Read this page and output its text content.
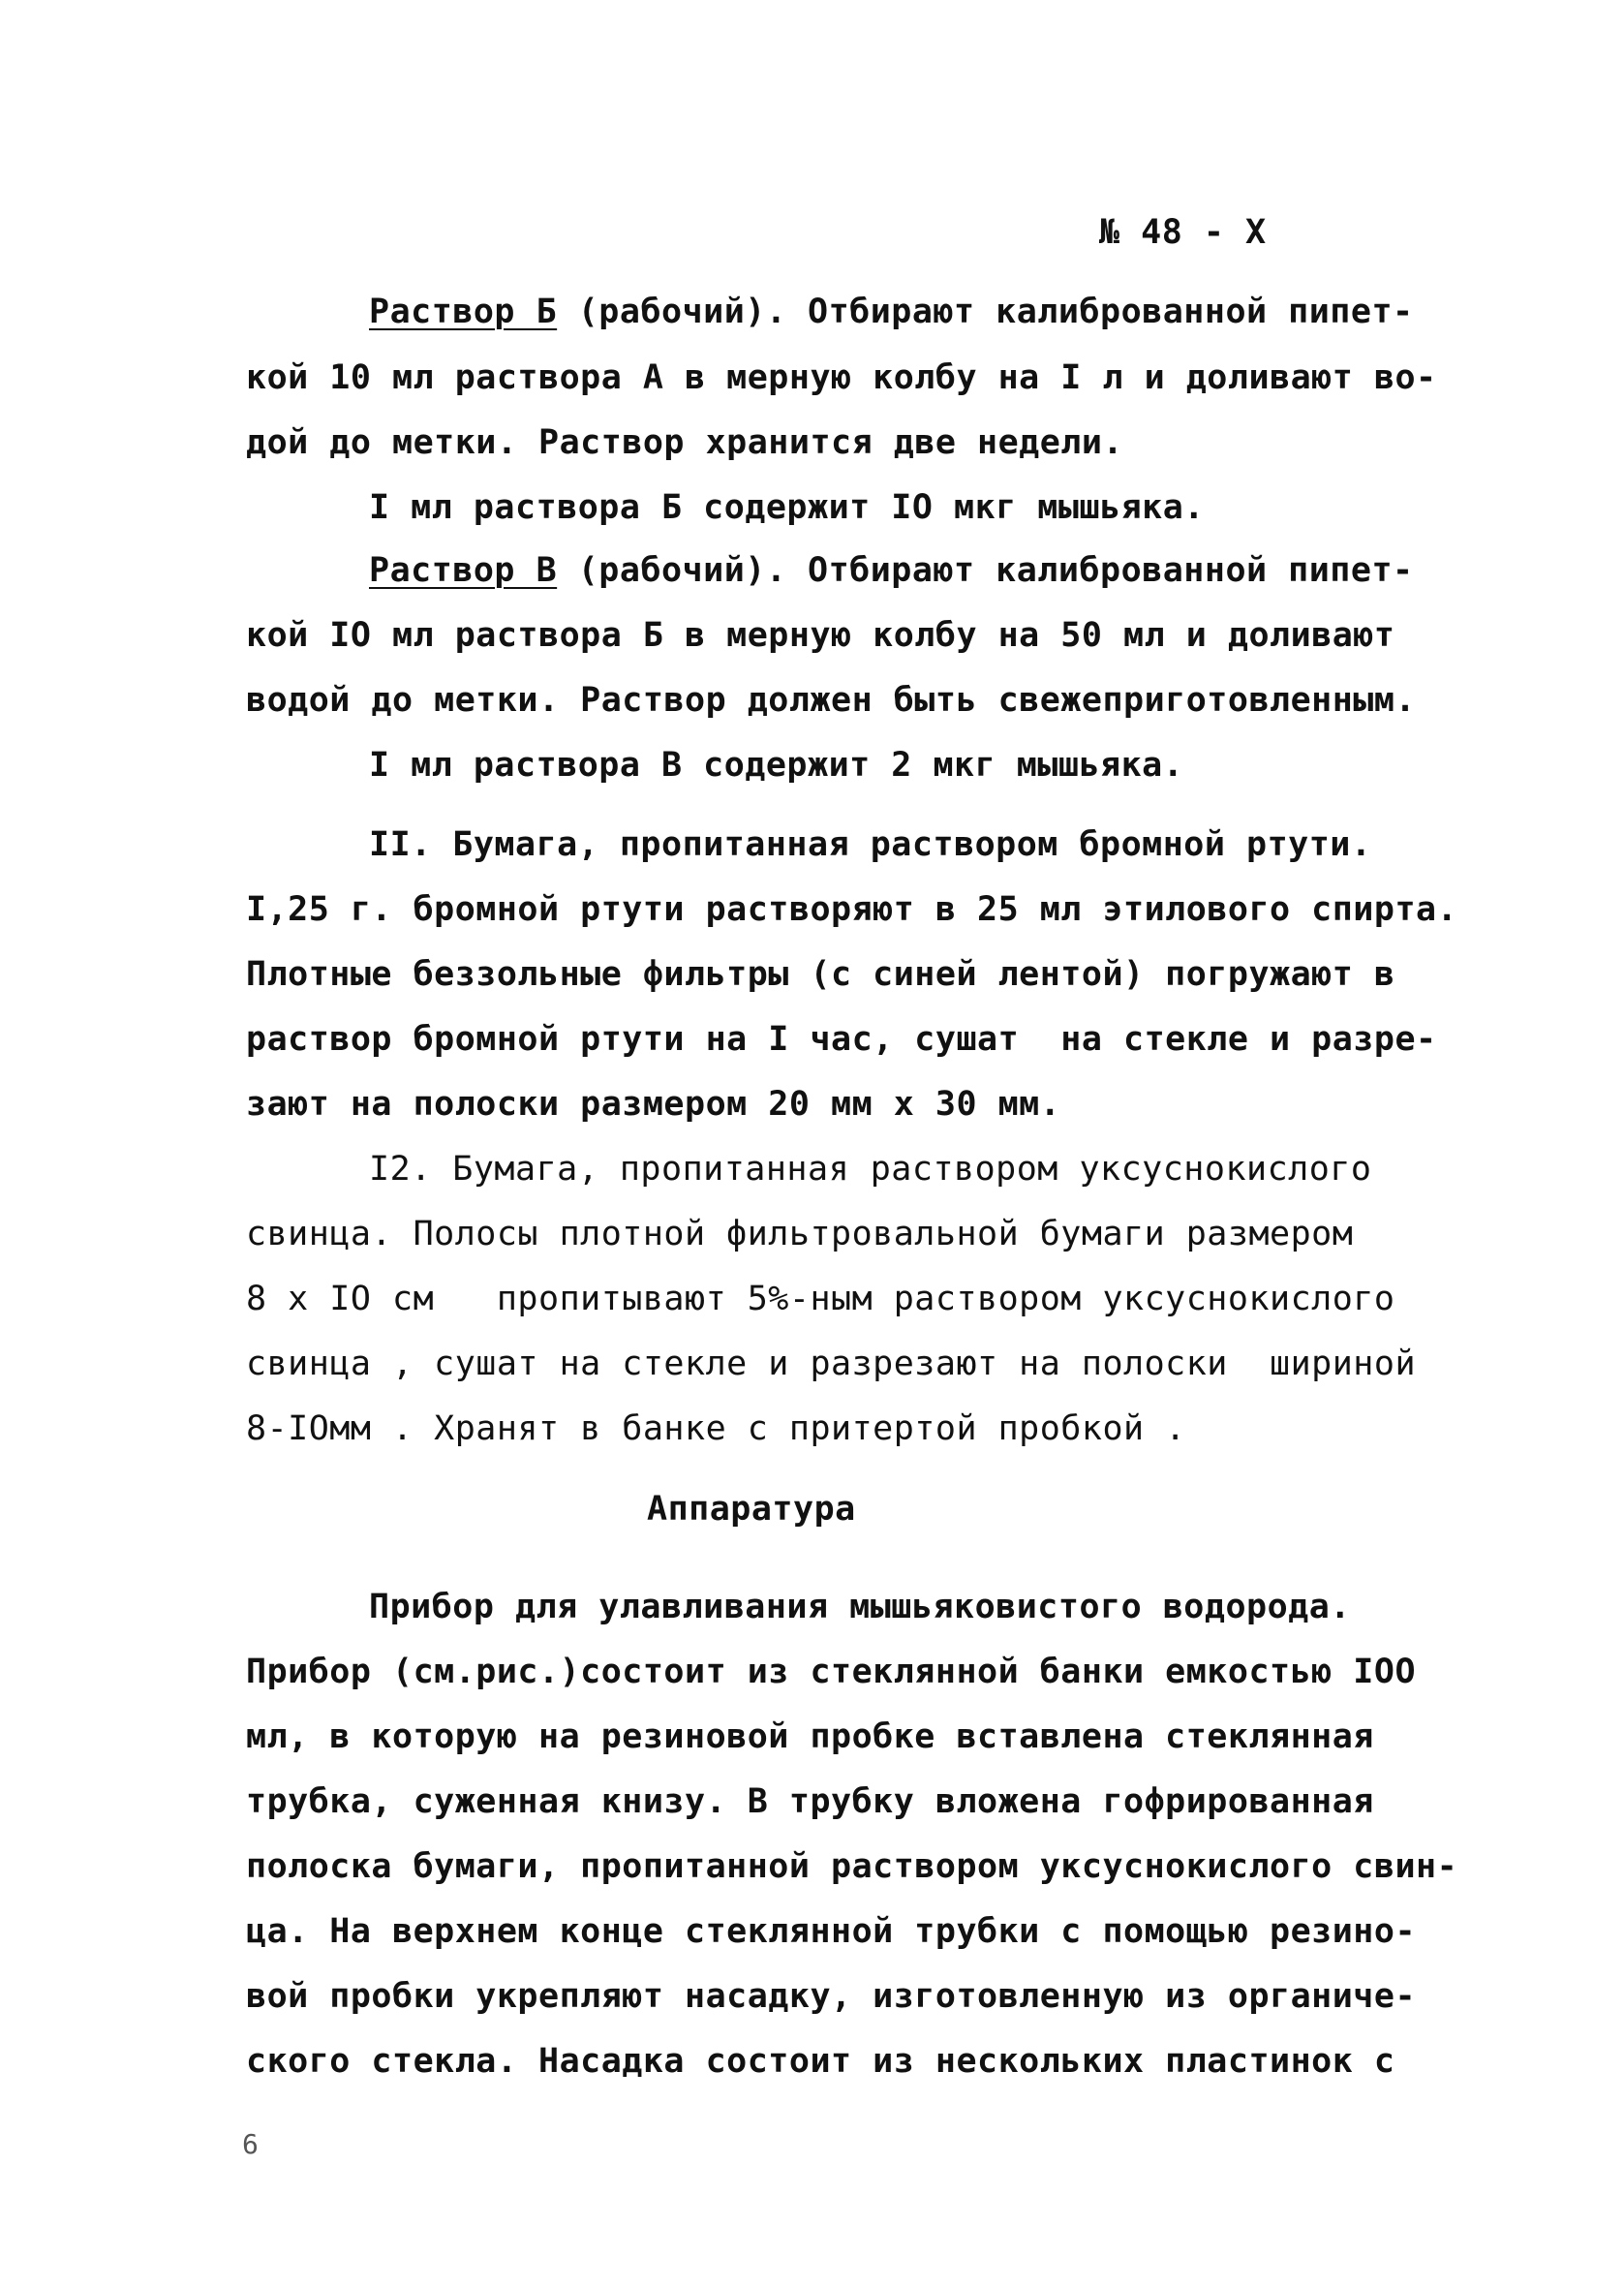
№ 48 - X
Раствор Б (рабочий). Отбирают калиброванной пипет-
кой 10 мл раствора А в мерную колбу на I л и доливают во-
дой до метки. Раствор хранится две недели.
I мл раствора Б содержит IO мкг мышьяка.
Раствор В (рабочий). Отбирают калиброванной пипет-
кой IO мл раствора Б в мерную колбу на 50 мл и доливают
водой до метки. Раствор должен быть свежеприготовленным.
I мл раствора В содержит 2 мкг мышьяка.
II. Бумага, пропитанная раствором бромной ртути.
I,25 г. бромной ртути растворяют в 25 мл этилового спирта.
Плотные беззольные фильтры (с синей лентой) погружают в
раствор бромной ртути на I час, сушат  на стекле и разре-
зают на полоски размером 20 мм х 30 мм.
I2. Бумага, пропитанная раствором уксуснокислого
свинца. Полосы плотной фильтровальной бумаги размером
8 х IO см   пропитывают 5%-ным раствором уксуснокислого
свинца , сушат на стекле и разрезают на полоски  шириной
8-IOмм . Хранят в банке с притертой пробкой .
Аппаратура
Прибор для улавливания мышьяковистого водорода.
Прибор (см.рис.)состоит из стеклянной банки емкостью IOO
мл, в которую на резиновой пробке вставлена стеклянная
трубка, суженная книзу. В трубку вложена гофрированная
полоска бумаги, пропитанной раствором уксуснокислого свин-
ца. На верхнем конце стеклянной трубки с помощью резино-
вой пробки укрепляют насадку, изготовленную из органиче-
ского стекла. Насадка состоит из нескольких пластинок с
6
